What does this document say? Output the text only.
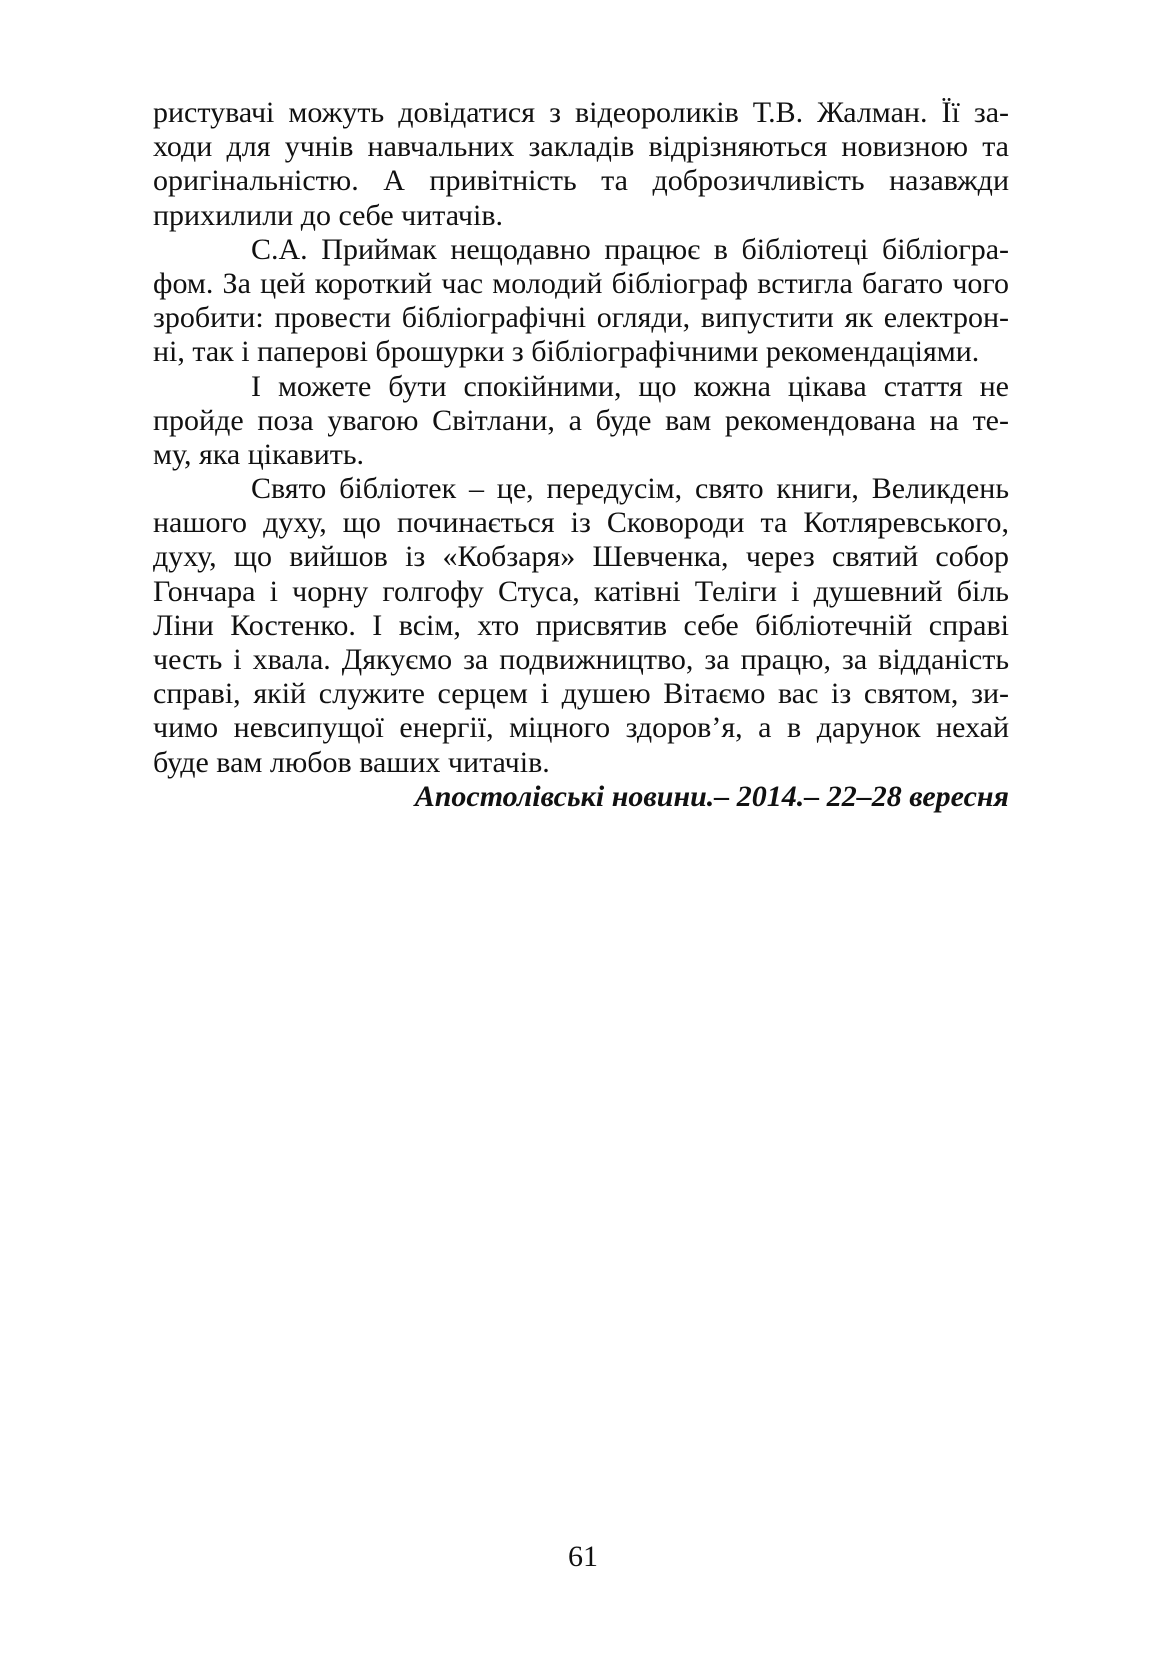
ристувачі можуть довідатися з відеороликів Т.В. Жалман. Її за-
ходи для учнів навчальних закладів відрізняються новизною та
оригінальністю. А привітність та доброзичливість назавжди
прихилили до себе читачів.
С.А. Приймак нещодавно працює в бібліотеці бібліогра-
фом. За цей короткий час молодий бібліограф встигла багато чого
зробити: провести бібліографічні огляди, випустити як електрон-
ні, так і паперові брошурки з бібліографічними рекомендаціями.
І можете бути спокійними, що кожна цікава стаття не
пройде поза увагою Світлани, а буде вам рекомендована на те-
му, яка цікавить.
Свято бібліотек – це, передусім, свято книги, Великдень
нашого духу, що починається із Сковороди та Котляревського,
духу, що вийшов із «Кобзаря» Шевченка, через святий собор
Гончара і чорну голгофу Стуса, катівні Теліги і душевний біль
Ліни Костенко. І всім, хто присвятив себе бібліотечній справі
честь і хвала. Дякуємо за подвижництво, за працю, за відданість
справі, якій служите серцем і душею Вітаємо вас із святом, зи-
чимо невсипущої енергії, міцного здоров’я, а в дарунок нехай
буде вам любов ваших читачів.
Апостолівські новини.– 2014.– 22–28 вересня
61
